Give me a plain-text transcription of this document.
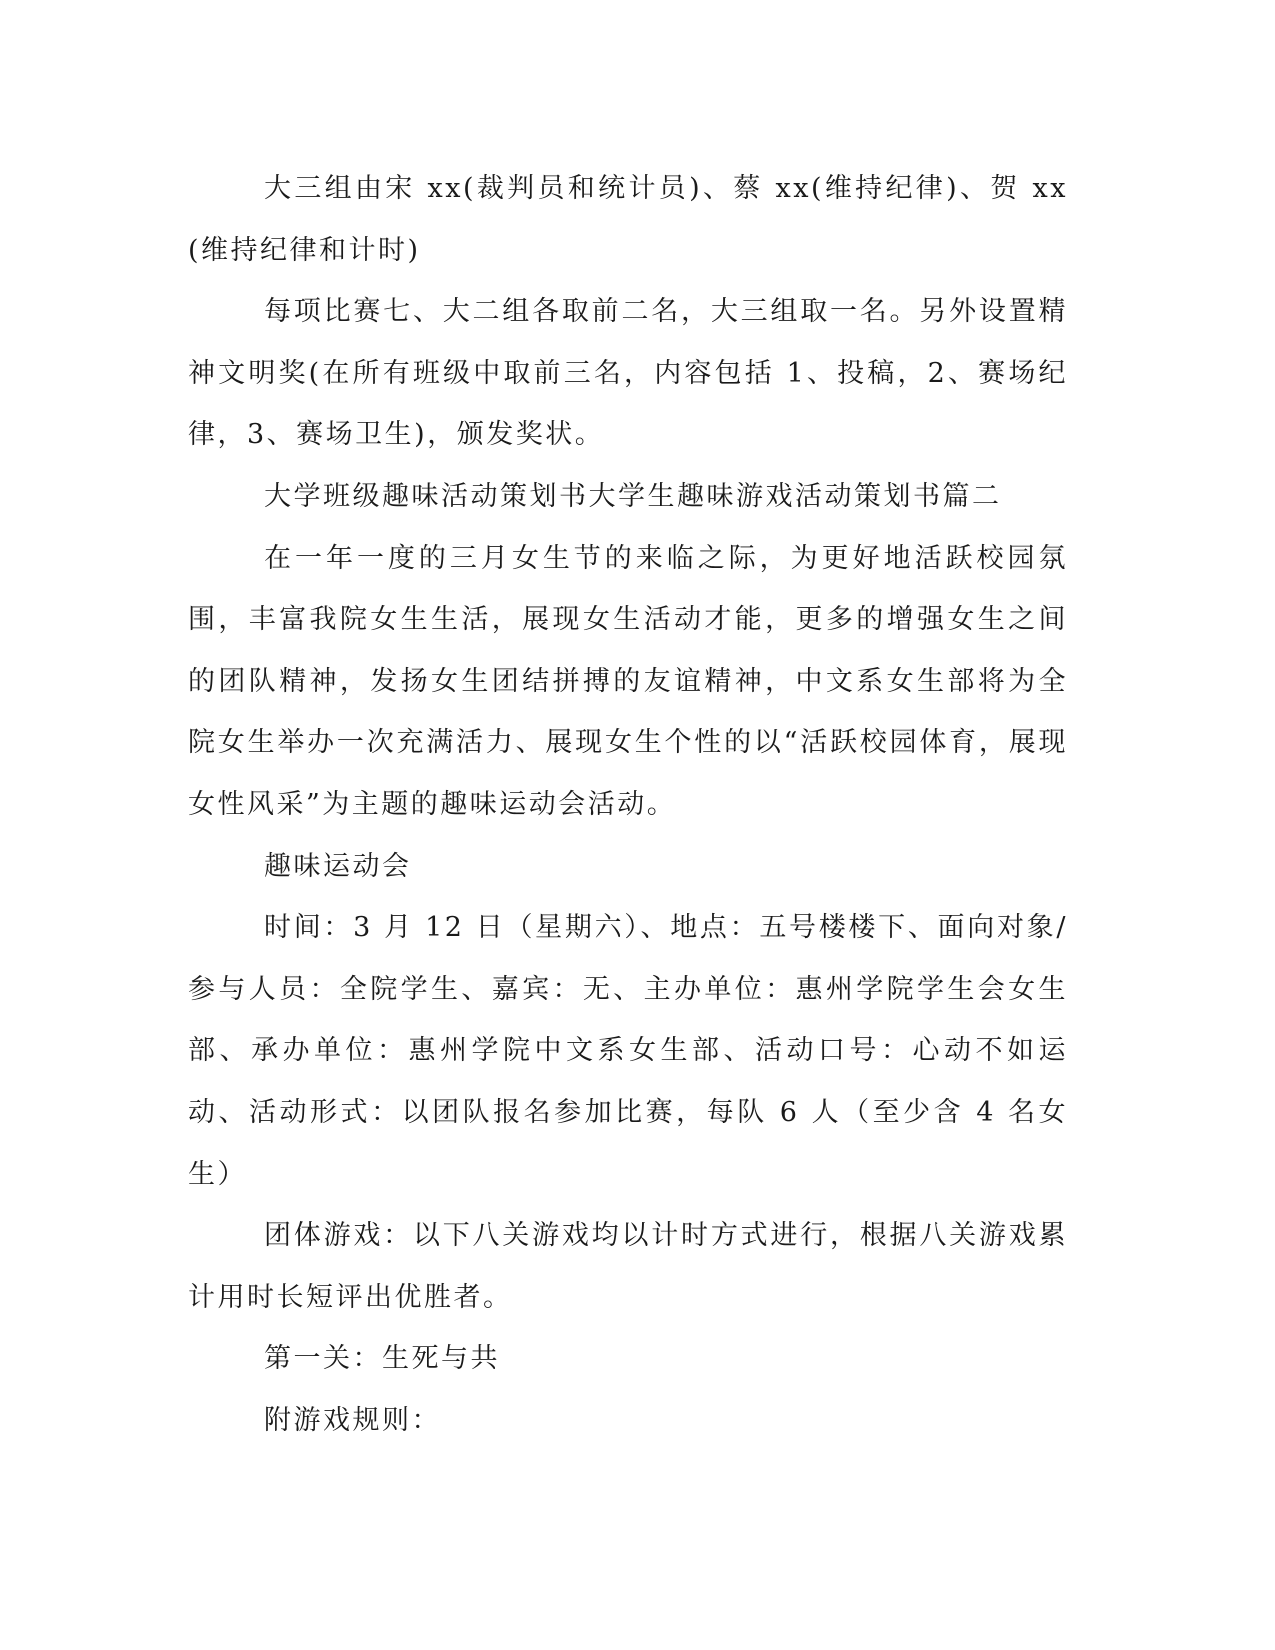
大三组由宋 xx(裁判员和统计员)、蔡 xx(维持纪律)、贺 xx(维持纪律和计时)

每项比赛七、大二组各取前二名，大三组取一名。另外设置精神文明奖(在所有班级中取前三名，内容包括 1、投稿，2、赛场纪律，3、赛场卫生)，颁发奖状。

大学班级趣味活动策划书大学生趣味游戏活动策划书篇二

在一年一度的三月女生节的来临之际，为更好地活跃校园氛围，丰富我院女生生活，展现女生活动才能，更多的增强女生之间的团队精神，发扬女生团结拼搏的友谊精神，中文系女生部将为全院女生举办一次充满活力、展现女生个性的以“活跃校园体育，展现女性风采”为主题的趣味运动会活动。

趣味运动会

时间：3 月 12 日（星期六）、地点：五号楼楼下、面向对象/参与人员：全院学生、嘉宾：无、主办单位：惠州学院学生会女生部、承办单位：惠州学院中文系女生部、活动口号：心动不如运动、活动形式：以团队报名参加比赛，每队 6 人（至少含 4 名女生）

团体游戏：以下八关游戏均以计时方式进行，根据八关游戏累计用时长短评出优胜者。

第一关：生死与共

附游戏规则：
